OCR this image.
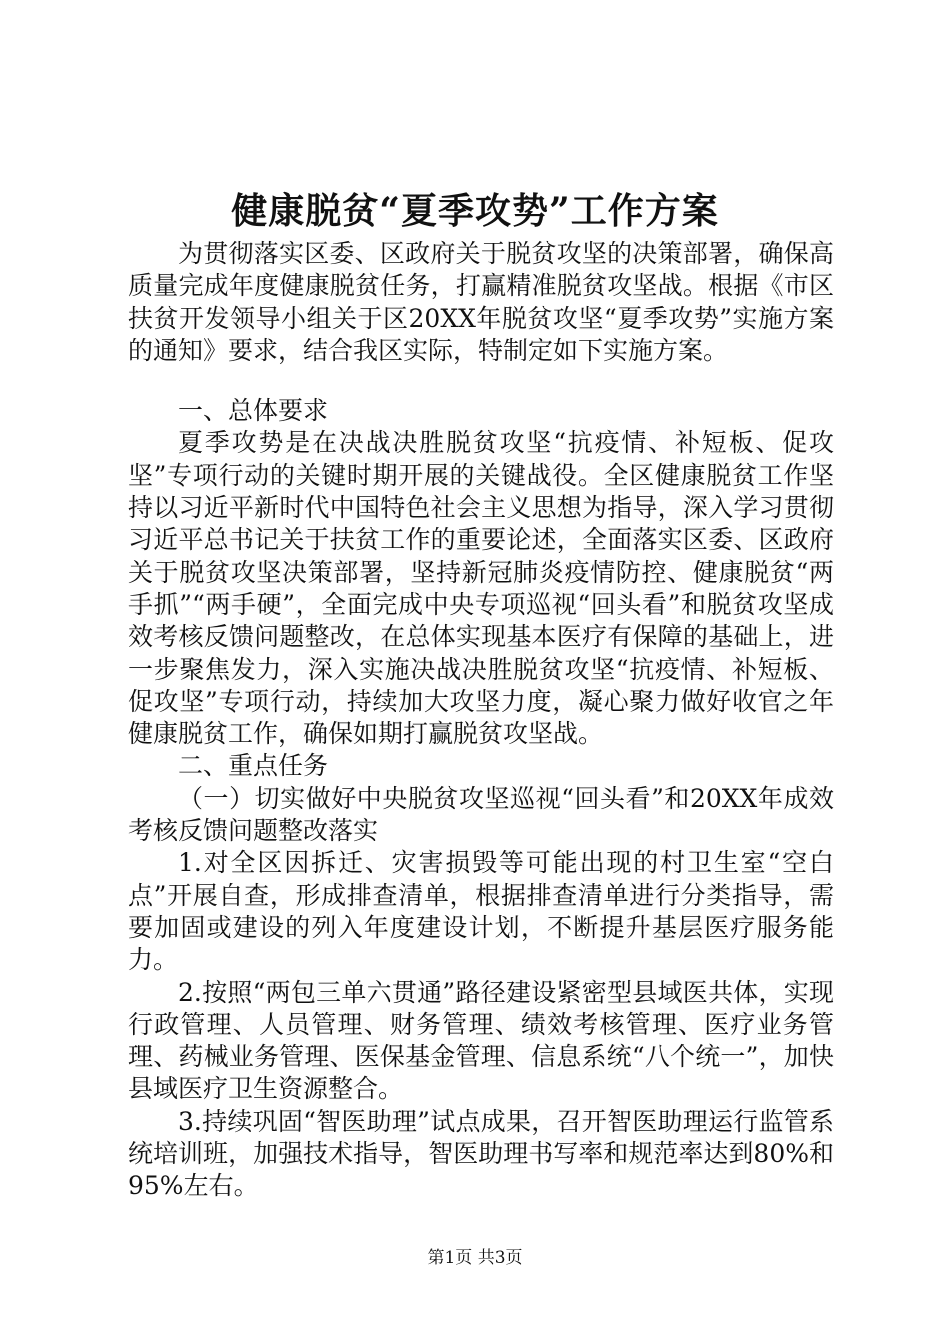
健康脱贫“夏季攻势”工作方案

为贯彻落实区委、区政府关于脱贫攻坚的决策部署，确保高质量完成年度健康脱贫任务，打赢精准脱贫攻坚战。根据《市区扶贫开发领导小组关于区20XX年脱贫攻坚“夏季攻势”实施方案的通知》要求，结合我区实际，特制定如下实施方案。

一、总体要求

夏季攻势是在决战决胜脱贫攻坚“抗疫情、补短板、促攻坚”专项行动的关键时期开展的关键战役。全区健康脱贫工作坚持以习近平新时代中国特色社会主义思想为指导，深入学习贯彻习近平总书记关于扶贫工作的重要论述，全面落实区委、区政府关于脱贫攻坚决策部署，坚持新冠肺炎疫情防控、健康脱贫“两手抓”“两手硬”，全面完成中央专项巡视“回头看”和脱贫攻坚成效考核反馈问题整改，在总体实现基本医疗有保障的基础上，进一步聚焦发力，深入实施决战决胜脱贫攻坚“抗疫情、补短板、促攻坚”专项行动，持续加大攻坚力度，凝心聚力做好收官之年健康脱贫工作，确保如期打赢脱贫攻坚战。

二、重点任务

（一）切实做好中央脱贫攻坚巡视“回头看”和20XX年成效考核反馈问题整改落实

1.对全区因拆迁、灾害损毁等可能出现的村卫生室“空白点”开展自查，形成排查清单，根据排查清单进行分类指导，需要加固或建设的列入年度建设计划，不断提升基层医疗服务能力。

2.按照“两包三单六贯通”路径建设紧密型县域医共体，实现行政管理、人员管理、财务管理、绩效考核管理、医疗业务管理、药械业务管理、医保基金管理、信息系统“八个统一”，加快县域医疗卫生资源整合。

3.持续巩固“智医助理”试点成果，召开智医助理运行监管系统培训班，加强技术指导，智医助理书写率和规范率达到80%和95%左右。

第1页 共3页
